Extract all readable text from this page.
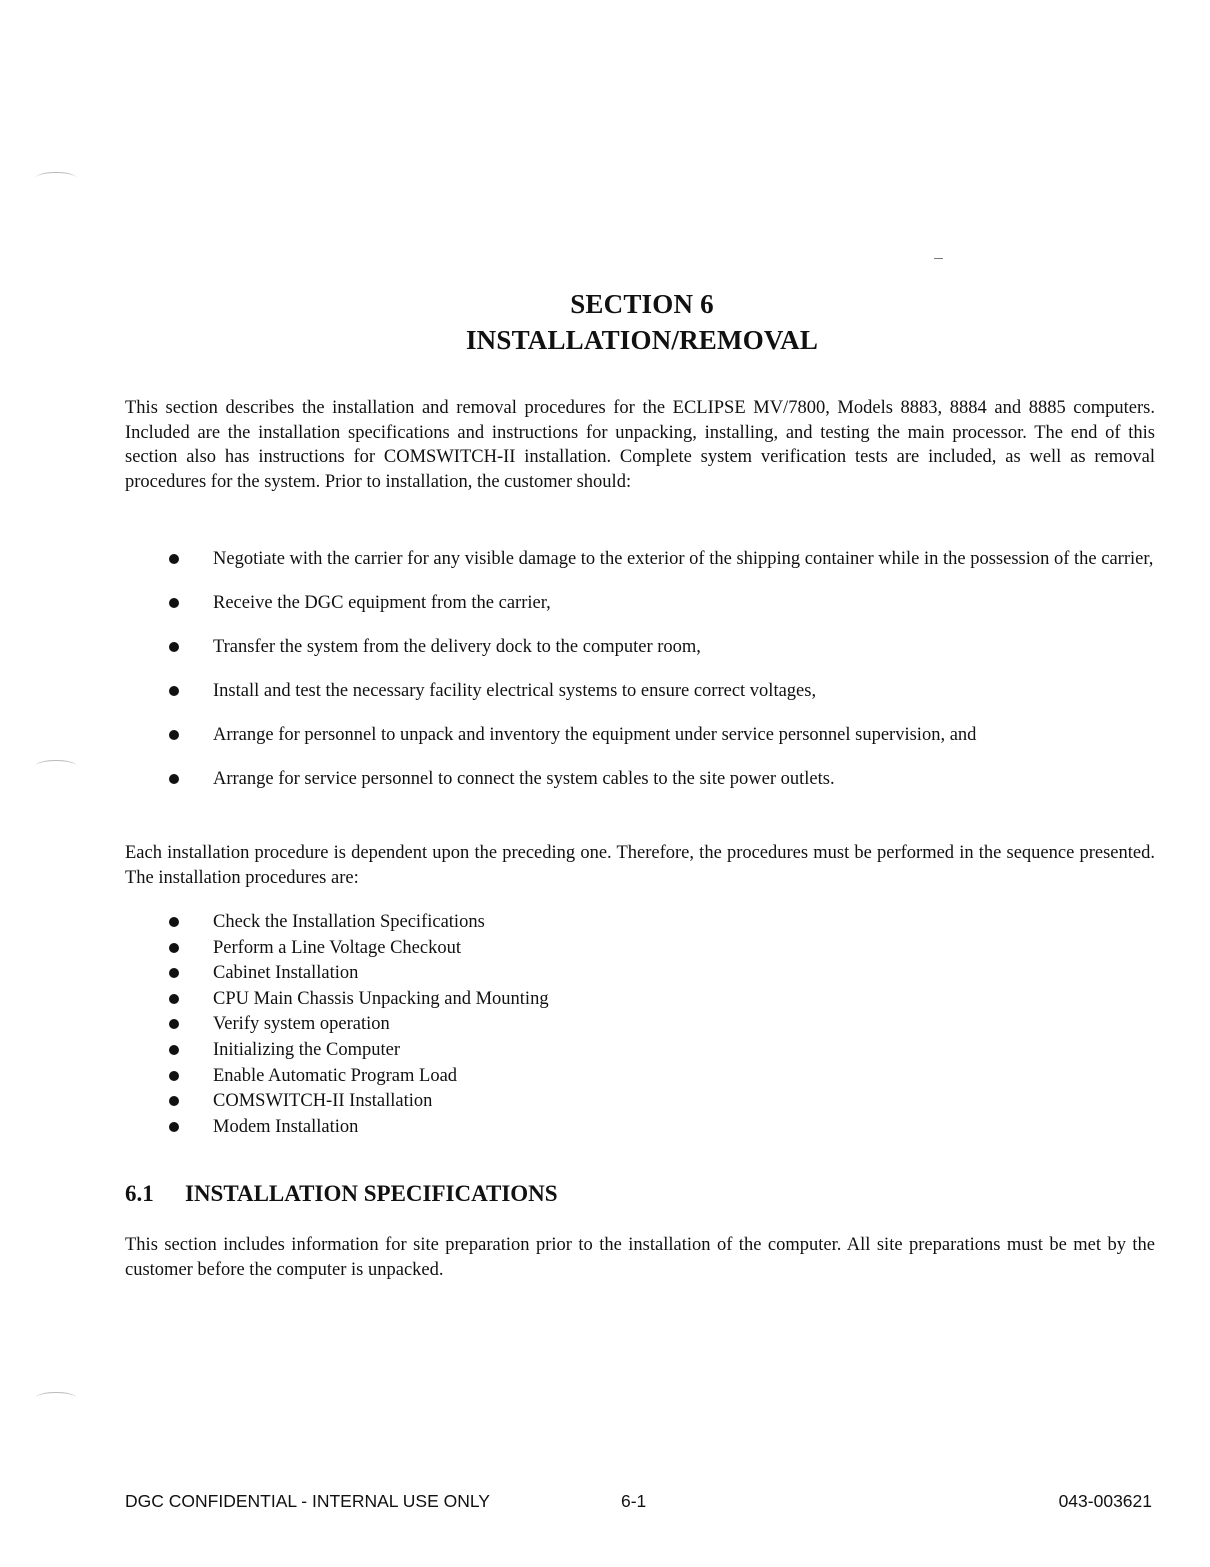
SECTION 6
INSTALLATION/REMOVAL

This section describes the installation and removal procedures for the ECLIPSE MV/7800, Models 8883, 8884 and 8885 computers. Included are the installation specifications and instructions for unpacking, installing, and testing the main processor. The end of this section also has instructions for COMSWITCH-II installation. Complete system verification tests are included, as well as removal procedures for the system. Prior to installation, the customer should:

Negotiate with the carrier for any visible damage to the exterior of the shipping container while in the possession of the carrier,
Receive the DGC equipment from the carrier,
Transfer the system from the delivery dock to the computer room,
Install and test the necessary facility electrical systems to ensure correct voltages,
Arrange for personnel to unpack and inventory the equipment under service personnel supervision, and
Arrange for service personnel to connect the system cables to the site power outlets.

Each installation procedure is dependent upon the preceding one. Therefore, the procedures must be performed in the sequence presented. The installation procedures are:

Check the Installation Specifications
Perform a Line Voltage Checkout
Cabinet Installation
CPU Main Chassis Unpacking and Mounting
Verify system operation
Initializing the Computer
Enable Automatic Program Load
COMSWITCH-II Installation
Modem Installation
6.1 INSTALLATION SPECIFICATIONS

This section includes information for site preparation prior to the installation of the computer. All site preparations must be met by the customer before the computer is unpacked.

DGC CONFIDENTIAL - INTERNAL USE ONLY	6-1	043-003621
